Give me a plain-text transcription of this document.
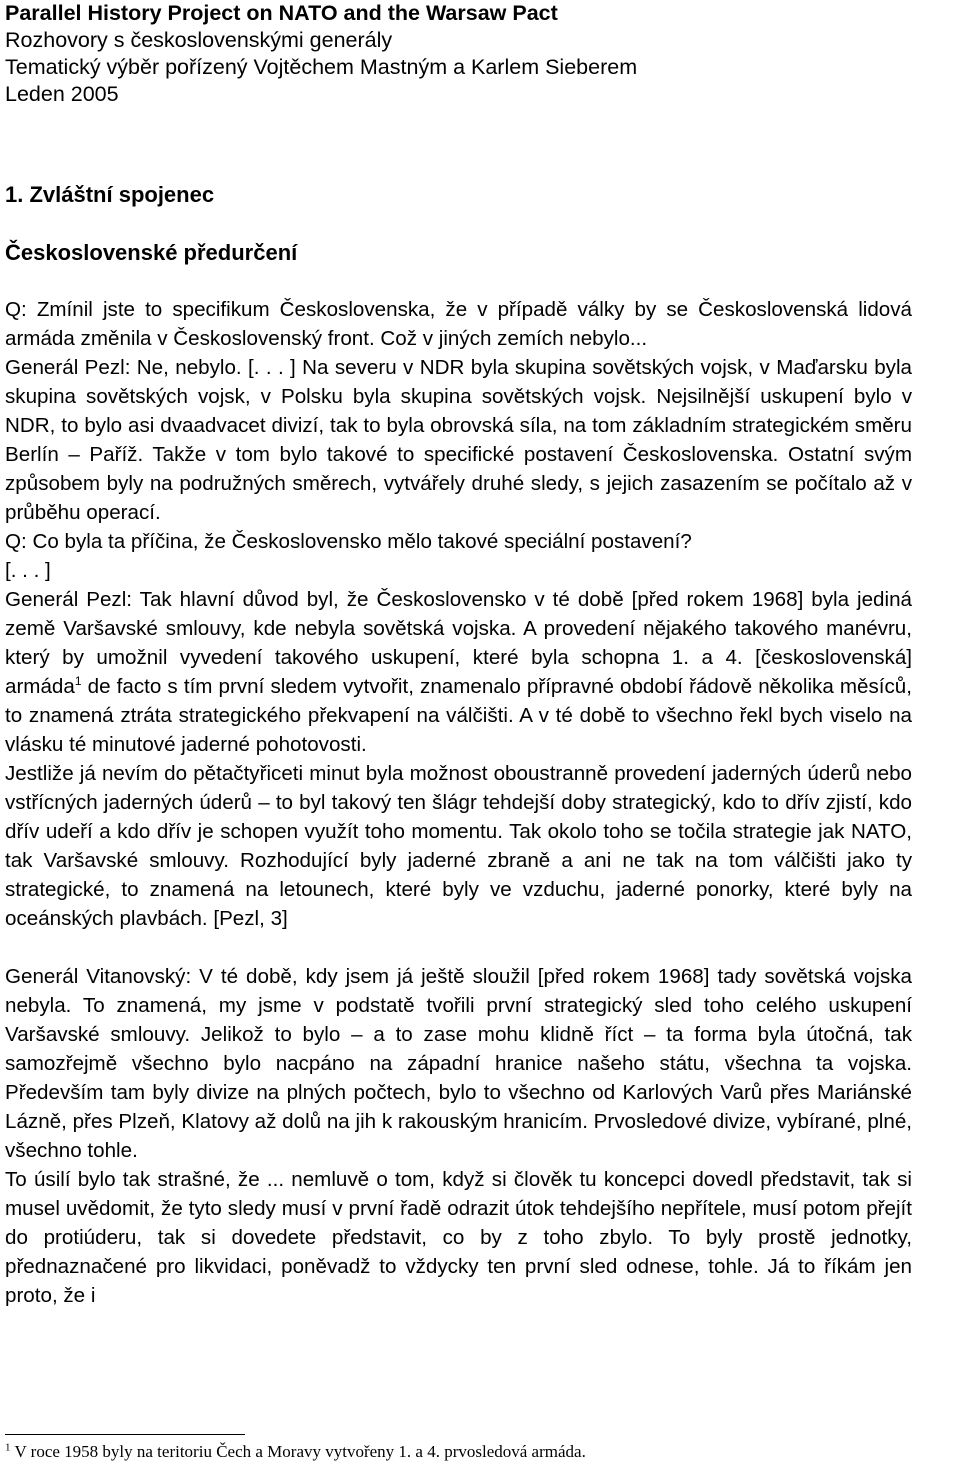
Parallel History Project on NATO and the Warsaw Pact
Rozhovory s československými generály
Tematický výběr pořízený Vojtěchem Mastným a Karlem Sieberem
Leden 2005
1. Zvláštní spojenec
Československé předurčení

Q: Zmínil jste to specifikum Československa, že v případě války by se Československá lidová armáda změnila v Československý front. Což v jiných zemích nebylo...

Generál Pezl: Ne, nebylo. [. . . ] Na severu v NDR byla skupina sovětských vojsk, v Maďarsku byla skupina sovětských vojsk, v Polsku byla skupina sovětských vojsk. Nejsilnější uskupení bylo v NDR, to bylo asi dvaadvacet divizí, tak to byla obrovská síla, na tom základním strategickém směru Berlín – Paříž. Takže v tom bylo takové to specifické postavení Československa. Ostatní svým způsobem byly na podružných směrech, vytvářely druhé sledy, s jejich zasazením se počítalo až v průběhu operací.

Q: Co byla ta příčina, že Československo mělo takové speciální postavení?

[. . . ]

Generál Pezl: Tak hlavní důvod byl, že Československo v té době [před rokem 1968] byla jediná země Varšavské smlouvy, kde nebyla sovětská vojska. A provedení nějakého takového manévru, který by umožnil vyvedení takového uskupení, které byla schopna 1. a 4. [československá] armáda$^1$ de facto s tím první sledem vytvořit, znamenalo přípravné období řádově několika měsíců, to znamená ztráta strategického překvapení na válčišti. A v té době to všechno řekl bych viselo na vlásku té minutové jaderné pohotovosti.

Jestliže já nevím do pětačtyřiceti minut byla možnost oboustranně provedení jaderných úderů nebo vstřícných jaderných úderů – to byl takový ten šlágr tehdejší doby strategický, kdo to dřív zjistí, kdo dřív udeří a kdo dřív je schopen využít toho momentu. Tak okolo toho se točila strategie jak NATO, tak Varšavské smlouvy. Rozhodující byly jaderné zbraně a ani ne tak na tom válčišti jako ty strategické, to znamená na letounech, které byly ve vzduchu, jaderné ponorky, které byly na oceánských plavbách. [Pezl, 3]

Generál Vitanovský: V té době, kdy jsem já ještě sloužil [před rokem 1968] tady sovětská vojska nebyla. To znamená, my jsme v podstatě tvořili první strategický sled toho celého uskupení Varšavské smlouvy. Jelikož to bylo – a to zase mohu klidně říct – ta forma byla útočná, tak samozřejmě všechno bylo nacpáno na západní hranice našeho státu, všechna ta vojska. Především tam byly divize na plných počtech, bylo to všechno od Karlových Varů přes Mariánské Lázně, přes Plzeň, Klatovy až dolů na jih k rakouským hranicím. Prvosledové divize, vybírané, plné, všechno tohle.

To úsilí bylo tak strašné, že ... nemluvě o tom, když si člověk tu koncepci dovedl představit, tak si musel uvědomit, že tyto sledy musí v první řadě odrazit útok tehdejšího nepřítele, musí potom přejít do protiúderu, tak si dovedete představit, co by z toho zbylo. To byly prostě jednotky, přednaznačené pro likvidaci, poněvadž to vždycky ten první sled odnese, tohle. Já to říkám jen proto, že i

$^1$ V roce 1958 byly na teritoriu Čech a Moravy vytvořeny 1. a 4. prvosledová armáda.
